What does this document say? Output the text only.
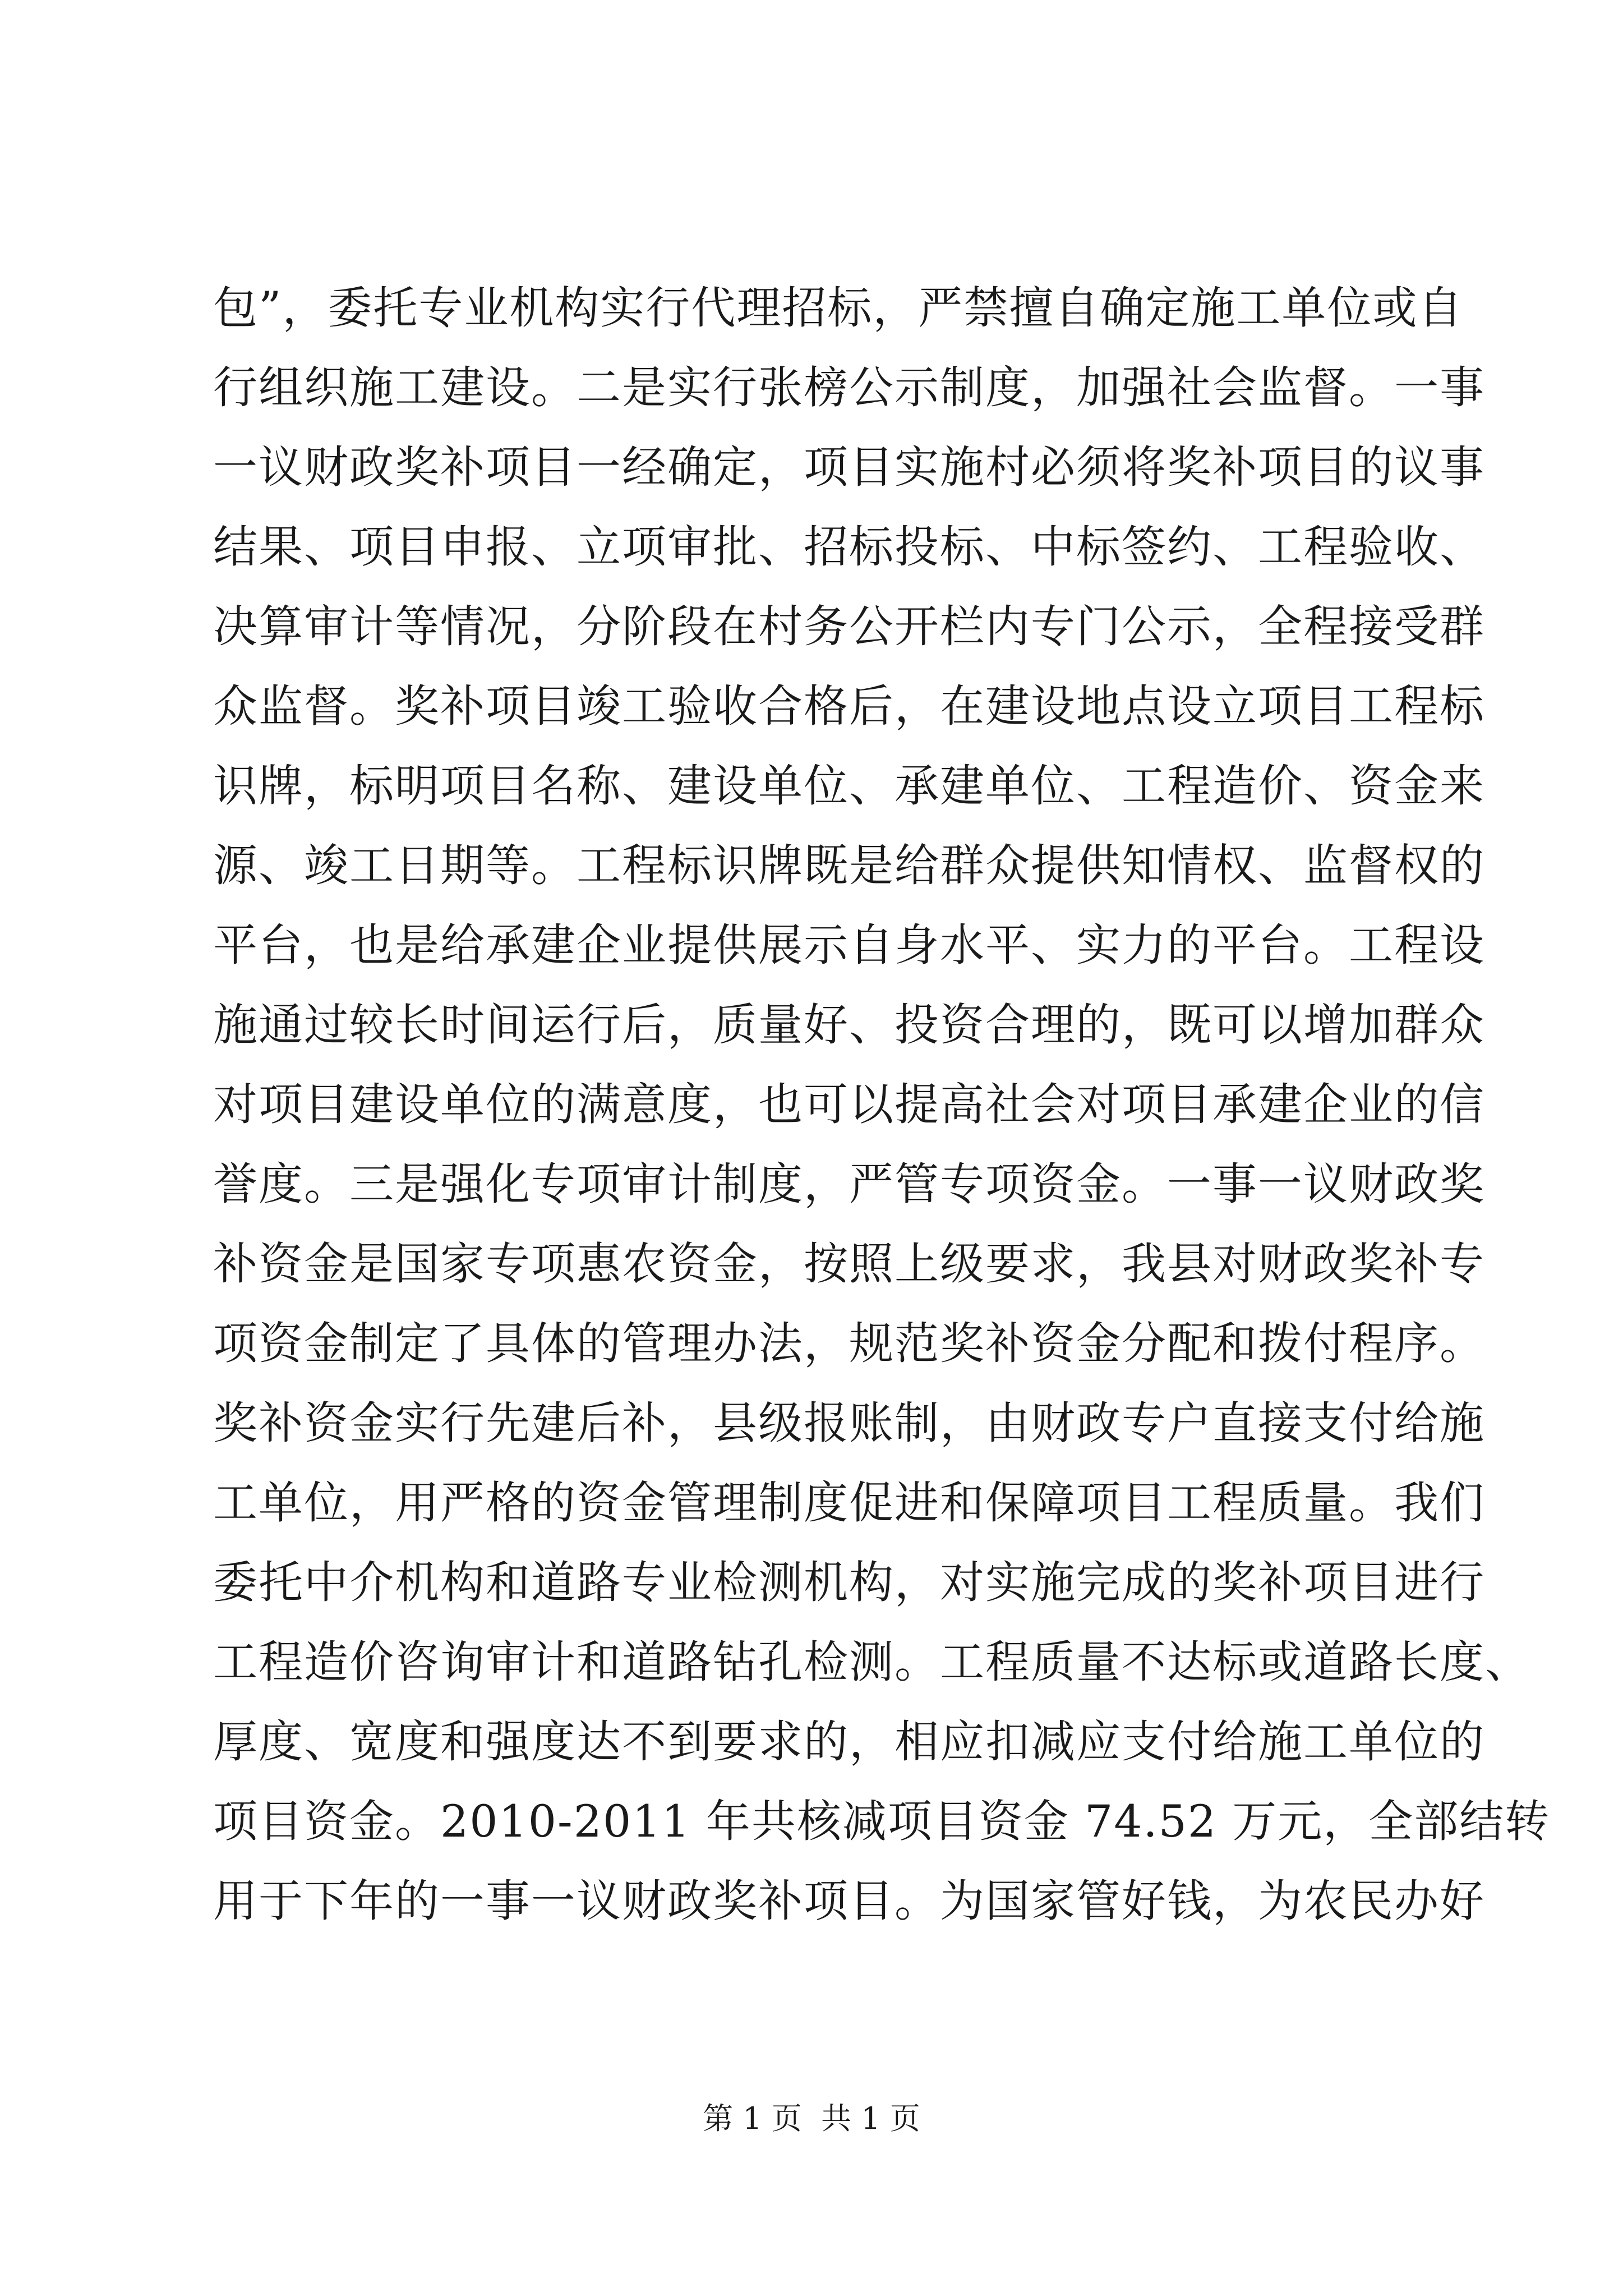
包”，委托专业机构实行代理招标，严禁擅自确定施工单位或自
行组织施工建设。二是实行张榜公示制度，加强社会监督。一事
一议财政奖补项目一经确定，项目实施村必须将奖补项目的议事
结果、项目申报、立项审批、招标投标、中标签约、工程验收、
决算审计等情况，分阶段在村务公开栏内专门公示，全程接受群
众监督。奖补项目竣工验收合格后，在建设地点设立项目工程标
识牌，标明项目名称、建设单位、承建单位、工程造价、资金来
源、竣工日期等。工程标识牌既是给群众提供知情权、监督权的
平台，也是给承建企业提供展示自身水平、实力的平台。工程设
施通过较长时间运行后，质量好、投资合理的，既可以增加群众
对项目建设单位的满意度，也可以提高社会对项目承建企业的信
誉度。三是强化专项审计制度，严管专项资金。一事一议财政奖
补资金是国家专项惠农资金，按照上级要求，我县对财政奖补专
项资金制定了具体的管理办法，规范奖补资金分配和拨付程序。
奖补资金实行先建后补，县级报账制，由财政专户直接支付给施
工单位，用严格的资金管理制度促进和保障项目工程质量。我们
委托中介机构和道路专业检测机构，对实施完成的奖补项目进行
工程造价咨询审计和道路钻孔检测。工程质量不达标或道路长度、
厚度、宽度和强度达不到要求的，相应扣减应支付给施工单位的
项目资金。2010-2011 年共核减项目资金 74.52 万元，全部结转
用于下年的一事一议财政奖补项目。为国家管好钱，为农民办好
第 1 页  共 1 页
